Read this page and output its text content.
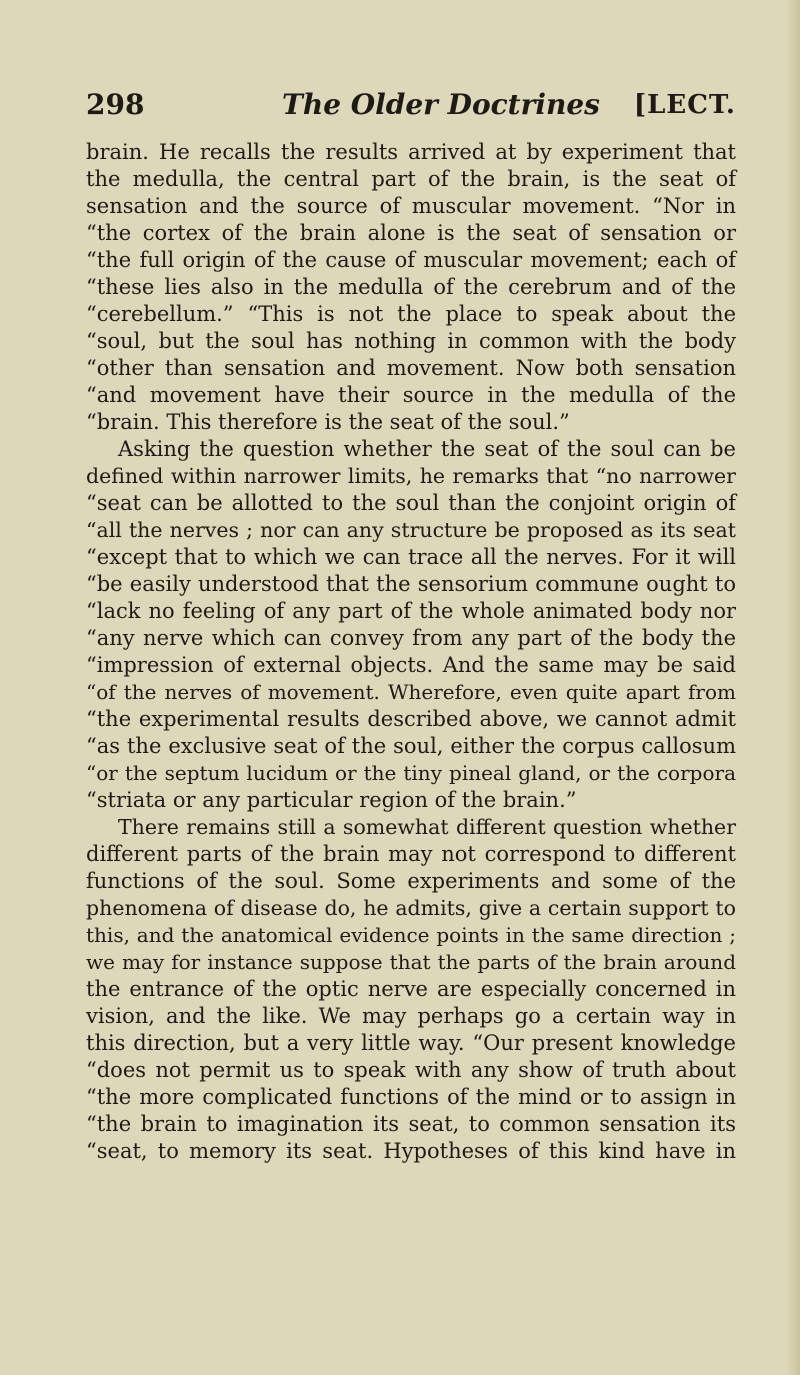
298	The Older Doctrines [LECT.
brain. He recalls the results arrived at by experiment that
the medulla, the central part of the brain, is the seat of
sensation and the source of muscular movement. “Nor in
“the cortex of the brain alone is the seat of sensation or
“the full origin of the cause of muscular movement; each of
“these lies also in the medulla of the cerebrum and of the
“cerebellum.” “This is not the place to speak about the
“soul, but the soul has nothing in common with the body
“other than sensation and movement. Now both sensation
“and movement have their source in the medulla of the
“brain. This therefore is the seat of the soul.”
Asking the question whether the seat of the soul can be
defined within narrower limits, he remarks that “no narrower
“seat can be allotted to the soul than the conjoint origin of
“all the nerves ; nor can any structure be proposed as its seat
“except that to which we can trace all the nerves. For it will
“be easily understood that the sensorium commune ought to
“lack no feeling of any part of the whole animated body nor
“any nerve which can convey from any part of the body the
“impression of external objects. And the same may be said
“of the nerves of movement. Wherefore, even quite apart from
“the experimental results described above, we cannot admit
“as the exclusive seat of the soul, either the corpus callosum
“or the septum lucidum or the tiny pineal gland, or the corpora
“striata or any particular region of the brain.”
There remains still a somewhat different question whether
different parts of the brain may not correspond to different
functions of the soul. Some experiments and some of the
phenomena of disease do, he admits, give a certain support to
this, and the anatomical evidence points in the same direction ;
we may for instance suppose that the parts of the brain around
the entrance of the optic nerve are especially concerned in
vision, and the like. We may perhaps go a certain way in
this direction, but a very little way. “Our present knowledge
“does not permit us to speak with any show of truth about
“the more complicated functions of the mind or to assign in
“the brain to imagination its seat, to common sensation its
“seat, to memory its seat. Hypotheses of this kind have in
